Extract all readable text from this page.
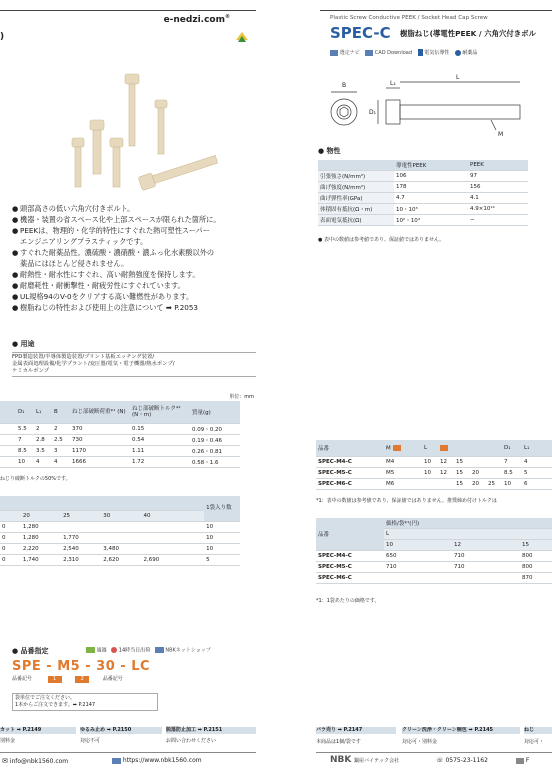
e-nedzi.com®
)
● 頭部高さの低い六角穴付きボルト。
● 機器・装置の省スペース化や上部スペースが限られた箇所に。
● PEEKは、物理的・化学的特性にすぐれた熱可塑性スーパー
エンジニアリングプラスティックです。
● すぐれた耐薬品性。濃硫酸・濃硝酸・濃ふっ化水素酸以外の
薬品にはほとんど侵されません。
● 耐熱性・耐水性にすぐれ、高い耐熱強度を保持します。
● 耐磨耗性・耐衝撃性・耐疲労性にすぐれています。
● UL規格94のV-0をクリアする高い難燃性があります。
● 樹脂ねじの特性および使用上の注意について ➡ P.2053
● 用途
FPD製造装置/半導体製造装置/プリント基板エッチング装置/
金属表面処理設備/化学プラント/変圧器/電気・電子機器/熱水ポンプ/
ケミカルポンプ
単位：mm
	D₁	L₁	B	ねじ部破断荷重*¹ (N)	ねじ部破断トルク*¹ (N・m)	質量(g)
	5.5	2	2	370	0.15	0.09・0.20
	7	2.8	2.5	730	0.54	0.19・0.46
	8.5	3.5	3	1170	1.11	0.26・0.81
	10	4	4	1666	1.72	0.58・1.6
ねじり破断トルクの50%です。
						1袋入り数
	20	25	30	40		
0	1,280					10
0	1,280	1,770				10
0	2,220	2,540	3,480			10
0	1,740	2,310	2,620	2,690		5
● 品番指定	通過 14時当日出荷	NBKネットショップ
SPE - M5 - 30 - LC
品番記号	1	2	品番記号
袋単位でご注文ください。
1本からご注文できます。➡ P.2147
カット ➡ P.2149	ゆるみ止め ➡ P.2150	脱落防止加工 ➡ P.2151
別料金	対応不可	お問い合わせください
✉ info@nbk1560.com	https://www.nbk1560.com
Plastic Screw Conductive PEEK / Socket Head Cap Screw
SPEC-C 樹脂ねじ(導電性PEEK / 六角穴付きボル
選定ナビ	CAD Download 電気伝導性	耐薬品
B	L₁
L
D₁
M
● 物性
	導電性PEEK	PEEK
引張強さ(N/mm²)	106	97
曲げ強度(N/mm²)	178	156
曲げ弾性率(GPa)	4.7	4.1
体積固有抵抗(Ω・m)	10・10³	4.9×10¹⁴
表面電気抵抗(Ω)	10²・10⁴	−
● 表中の数値は参考値であり、保証値ではありません。
品番	M	L					D₁	L₁
SPEC-M4-C	M4	10	12	15			7	4
SPEC-M5-C	M5	10	12	15	20		8.5	5
SPEC-M6-C	M6			15	20	25	10	6
*1：表中の数値は参考値であり、保証値ではありません。推奨締め付けトルクは
品番	価格/袋*¹(円)		
	L		
	10	12	15
SPEC-M4-C	650	710	800
SPEC-M5-C	710	710	800
SPEC-M6-C			870
*1：1袋あたりの価格です。
バラ売り ➡ P.2147	クリーン洗浄・クリーン梱包 ➡ P.2145	ねじ
本商品は1個/袋です	対応可・別料金	対応可・
NBK 鍋屋バイテック会社	☏ 0575-23-1162	F
